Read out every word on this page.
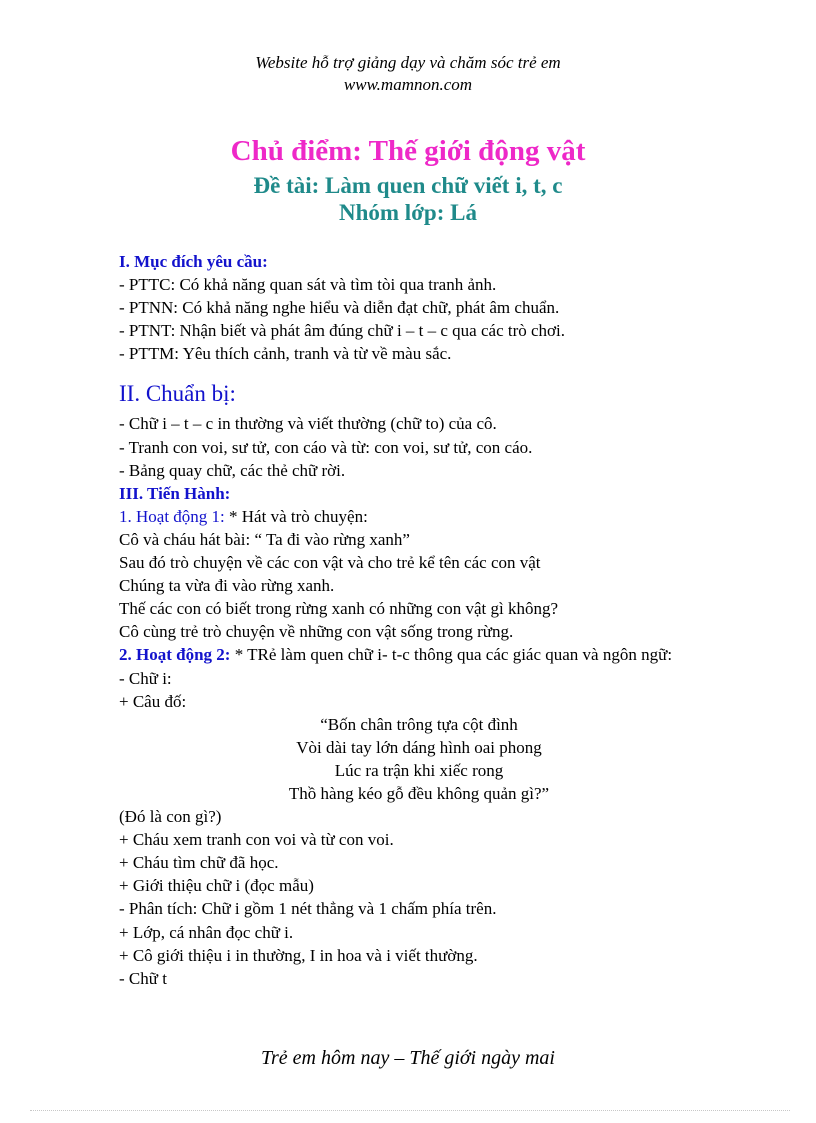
Website hỗ trợ giảng dạy và chăm sóc trẻ em
www.mamnon.com
Chủ điểm: Thế giới động vật
Đề tài: Làm quen chữ viết i, t, c
Nhóm lớp: Lá
I. Mục đích yêu cầu:
- PTTC: Có khả năng quan sát và tìm tòi qua tranh ảnh.
- PTNN: Có khả năng nghe hiểu và diễn đạt chữ, phát âm chuẩn.
- PTNT: Nhận biết và phát âm đúng chữ i – t – c qua các trò chơi.
- PTTM: Yêu thích cảnh, tranh và từ về màu sắc.
II. Chuẩn bị:
- Chữ i – t – c in thường và viết thường (chữ to) của cô.
- Tranh con voi, sư tử, con cáo và từ: con voi, sư tử, con cáo.
- Bảng quay chữ, các thẻ chữ rời.
III. Tiến Hành:
1. Hoạt động 1: * Hát và trò chuyện:
Cô và cháu hát bài: “ Ta đi vào rừng xanh”
Sau đó trò chuyện về các con vật và cho trẻ kể tên các con vật
Chúng ta vừa đi vào rừng xanh.
Thế các con có biết trong rừng xanh có những con vật gì không?
Cô cùng trẻ trò chuyện về những con vật sống trong rừng.
2. Hoạt động 2: * TRẻ làm quen chữ i- t-c thông qua các giác quan và ngôn ngữ:
- Chữ i:
+ Câu đố:
“Bốn chân trông tựa cột đình
Vòi dài tay lớn dáng hình oai phong
Lúc ra trận khi xiếc rong
Thồ hàng kéo gỗ đều không quản gì?”
(Đó là con gì?)
+ Cháu xem tranh con voi và từ con voi.
+ Cháu tìm chữ đã học.
+ Giới thiệu chữ i (đọc mẫu)
- Phân tích: Chữ i gồm 1 nét thẳng và 1 chấm phía trên.
+ Lớp, cá nhân đọc chữ i.
+ Cô giới thiệu i in thường, I in hoa và i viết thường.
- Chữ t
Trẻ em hôm nay – Thế giới ngày mai
